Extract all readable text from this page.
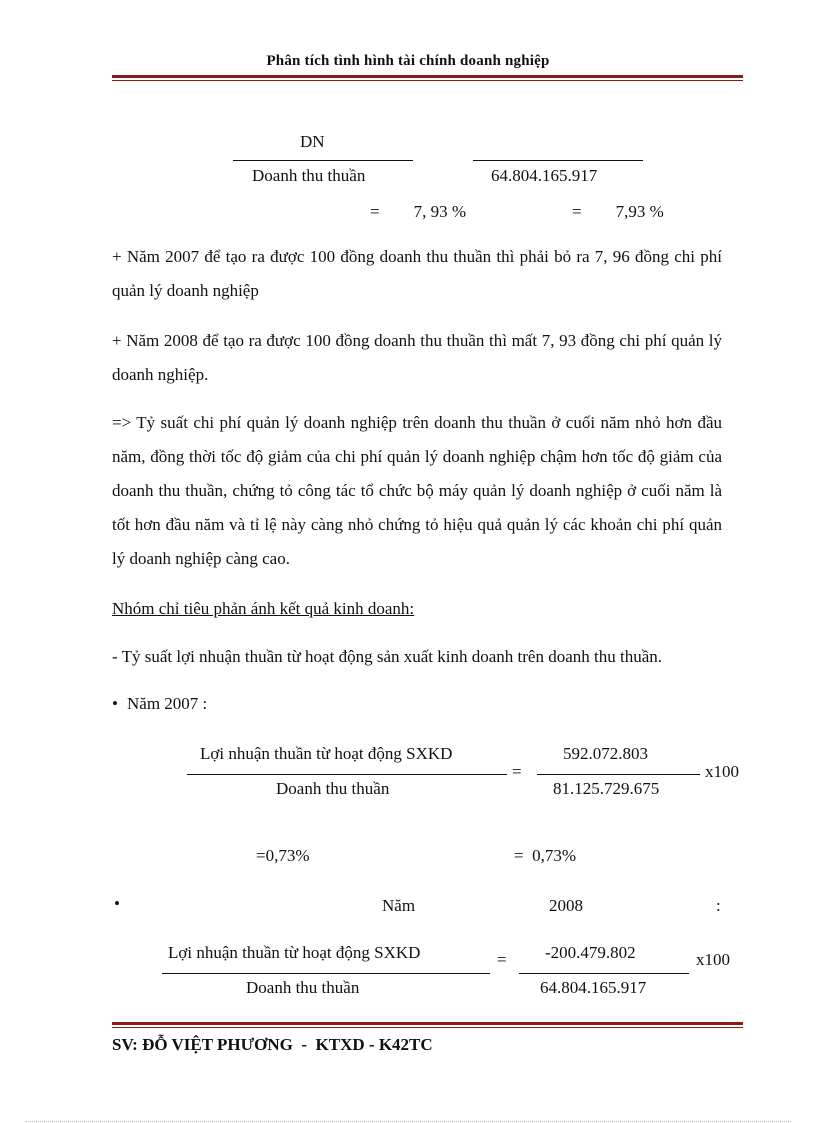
Phân tích tình hình tài chính doanh nghiệp
DN
Doanh thu thuần	64.804.165.917
=        7, 93 %	=        7,93 %
+ Năm 2007 để tạo ra được 100 đồng doanh thu thuần thì phải bỏ ra 7, 96 đồng chi phí quản lý doanh nghiệp
+ Năm 2008 để tạo ra được 100 đồng doanh thu thuần thì mất 7, 93 đồng chi phí quản lý doanh nghiệp.
=> Tỷ suất chi phí quản lý doanh nghiệp trên doanh thu thuần ở cuối năm nhỏ hơn đầu năm, đồng thời tốc độ giảm của chi phí quản lý doanh nghiệp chậm hơn tốc độ giảm của doanh thu thuần, chứng tỏ công tác tổ chức bộ máy quản lý doanh nghiệp ở cuối năm là tốt hơn đầu năm và tỉ lệ này càng nhỏ chứng tỏ hiệu quả quản lý các khoản chi phí quản lý doanh nghiệp càng cao.
Nhóm chỉ tiêu phản ánh kết quả kinh doanh:
- Tỷ suất lợi nhuận thuần từ hoạt động sản xuất kinh doanh trên doanh thu thuần.
• Năm 2007 :
Lợi nhuận thuần từ hoạt động SXKD
Doanh thu thuần
=
592.072.803
81.125.729.675
x100
=0,73%	=  0,73%
•	Năm	2008	:
Lợi nhuận thuần từ hoạt động SXKD
Doanh thu thuần
= -200.479.802
64.804.165.917
x100
SV: ĐỖ VIỆT PHƯƠNG  -  KTXD - K42TC
